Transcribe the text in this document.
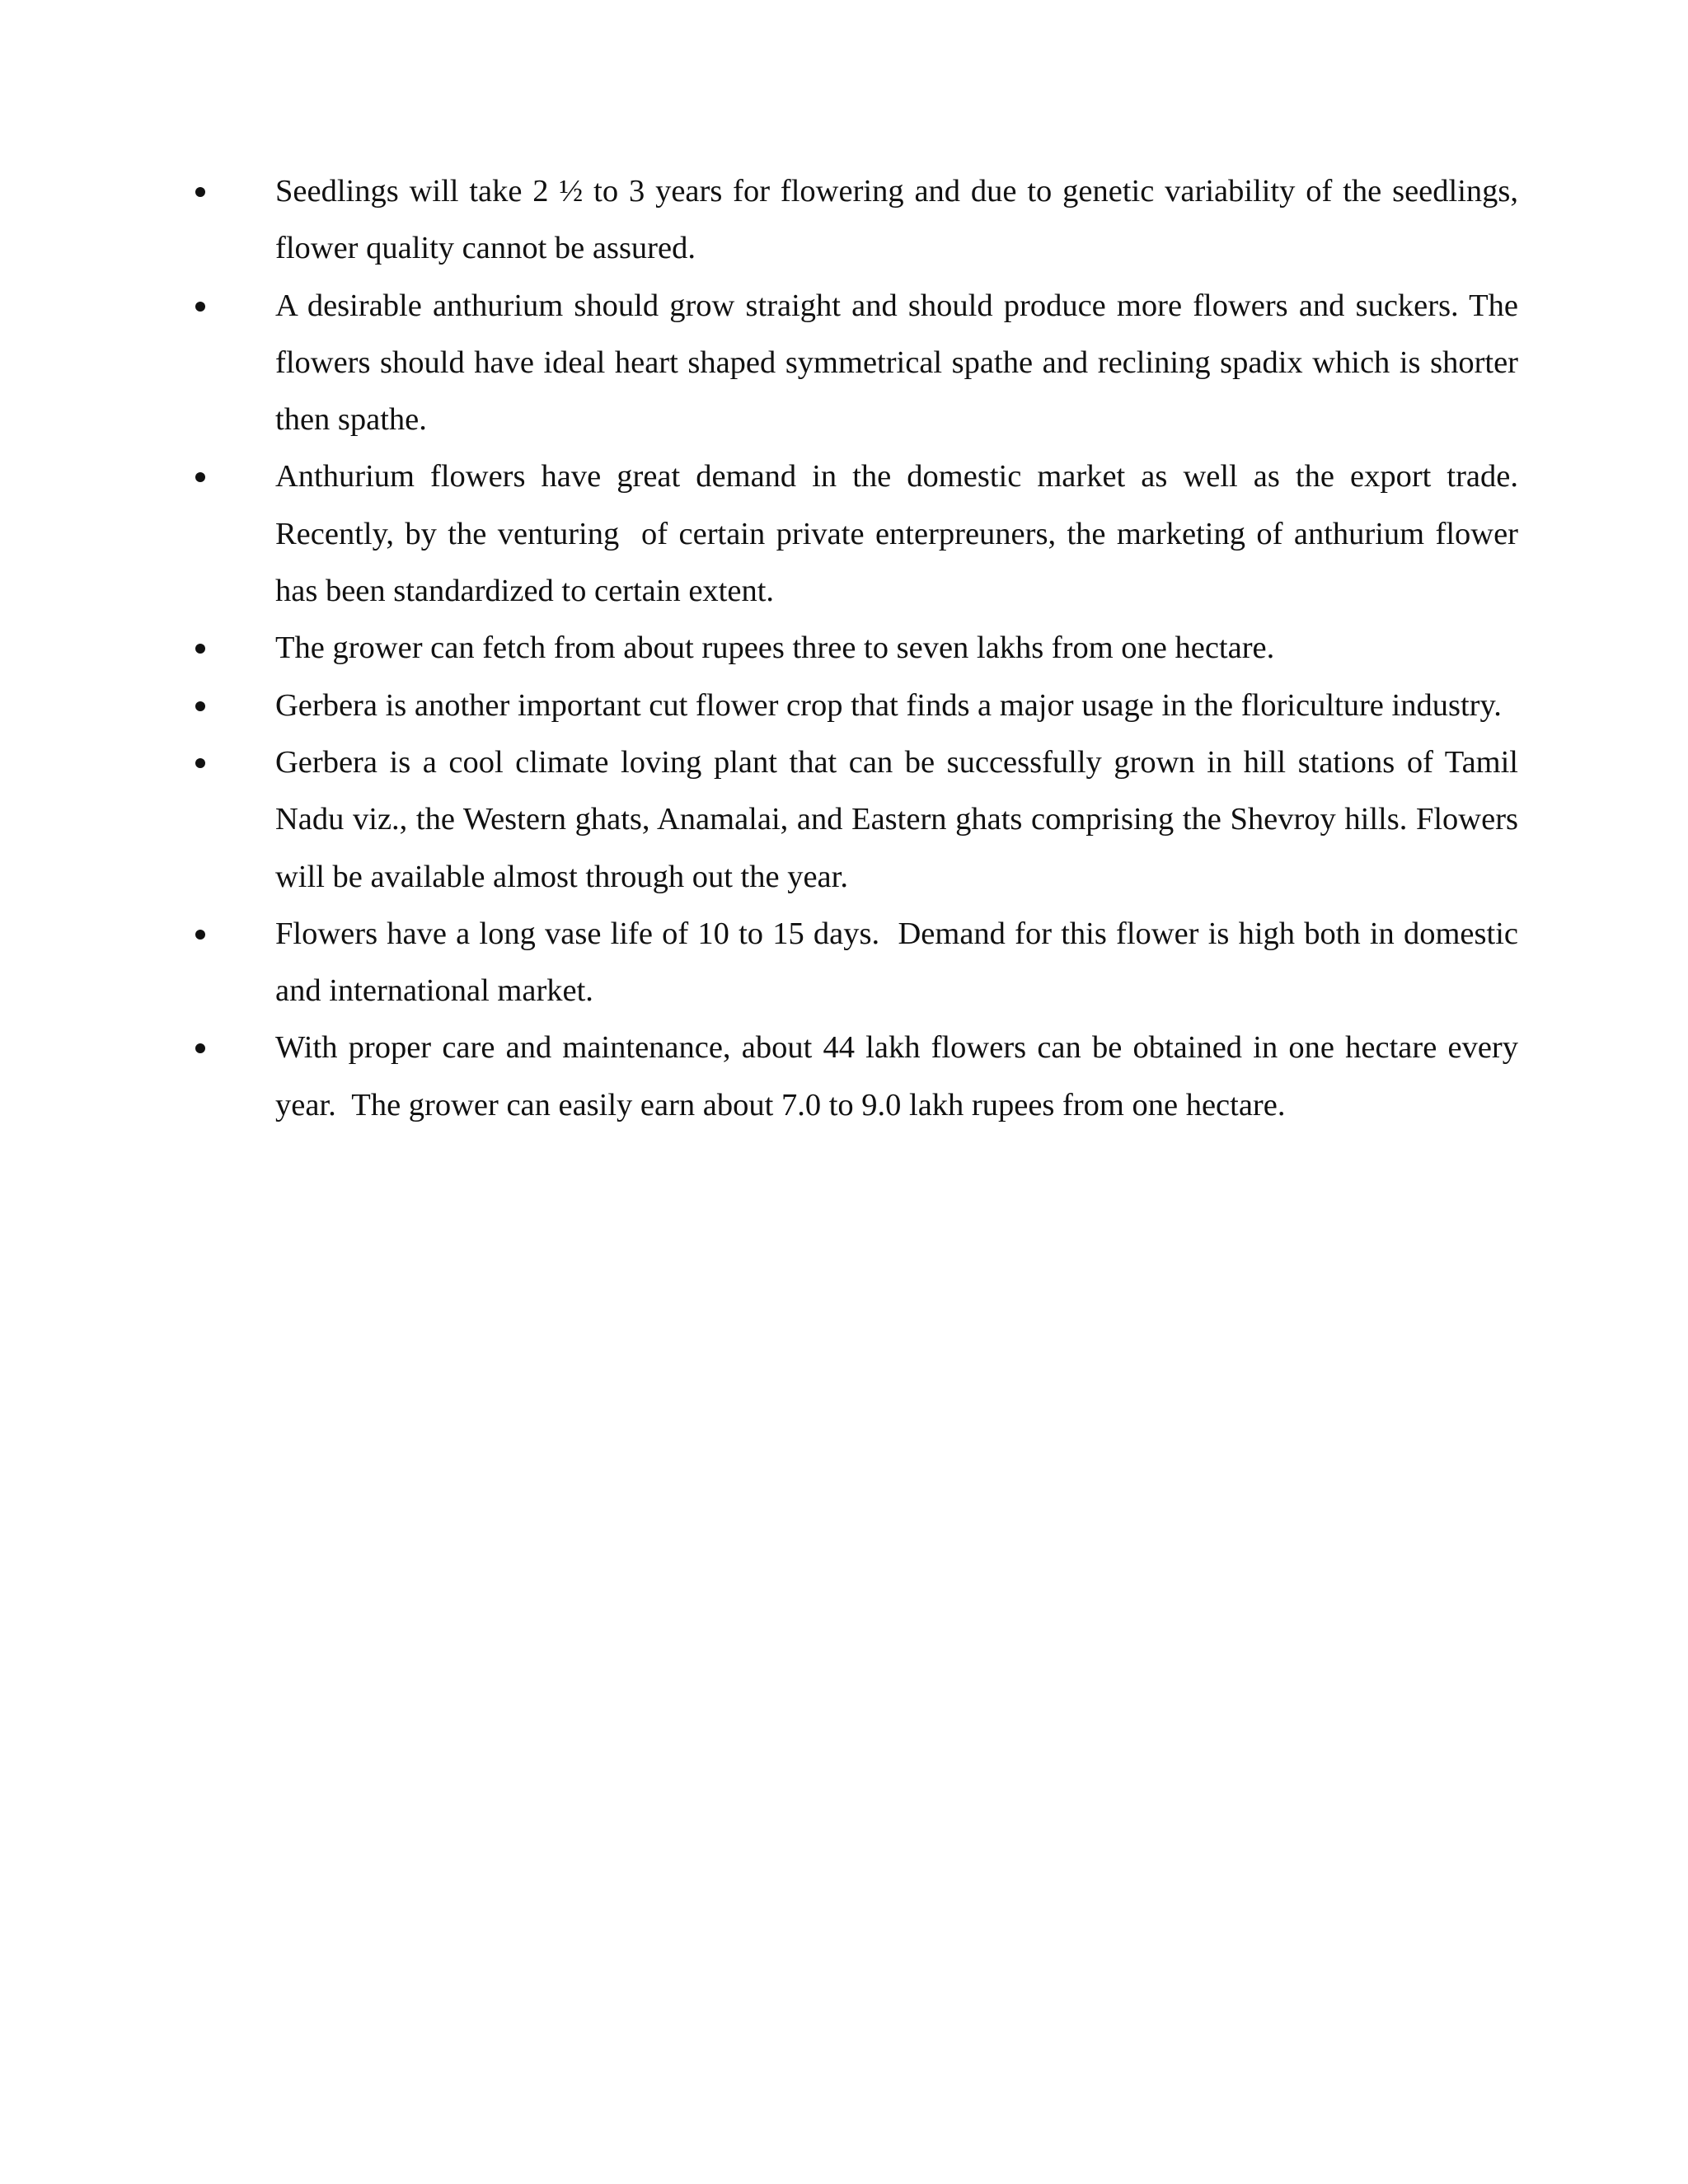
Seedlings will take 2 ½ to 3 years for flowering and due to genetic variability of the seedlings, flower quality cannot be assured.
A desirable anthurium should grow straight and should produce more flowers and suckers. The flowers should have ideal heart shaped symmetrical spathe and reclining spadix which is shorter then spathe.
Anthurium flowers have great demand in the domestic market as well as the export trade. Recently, by the venturing  of certain private enterpreuners, the marketing of anthurium flower has been standardized to certain extent.
The grower can fetch from about rupees three to seven lakhs from one hectare.
Gerbera is another important cut flower crop that finds a major usage in the floriculture industry.
Gerbera is a cool climate loving plant that can be successfully grown in hill stations of Tamil Nadu viz., the Western ghats, Anamalai, and Eastern ghats comprising the Shevroy hills. Flowers will be available almost through out the year.
Flowers have a long vase life of 10 to 15 days.  Demand for this flower is high both in domestic and international market.
With proper care and maintenance, about 44 lakh flowers can be obtained in one hectare every year.  The grower can easily earn about 7.0 to 9.0 lakh rupees from one hectare.
